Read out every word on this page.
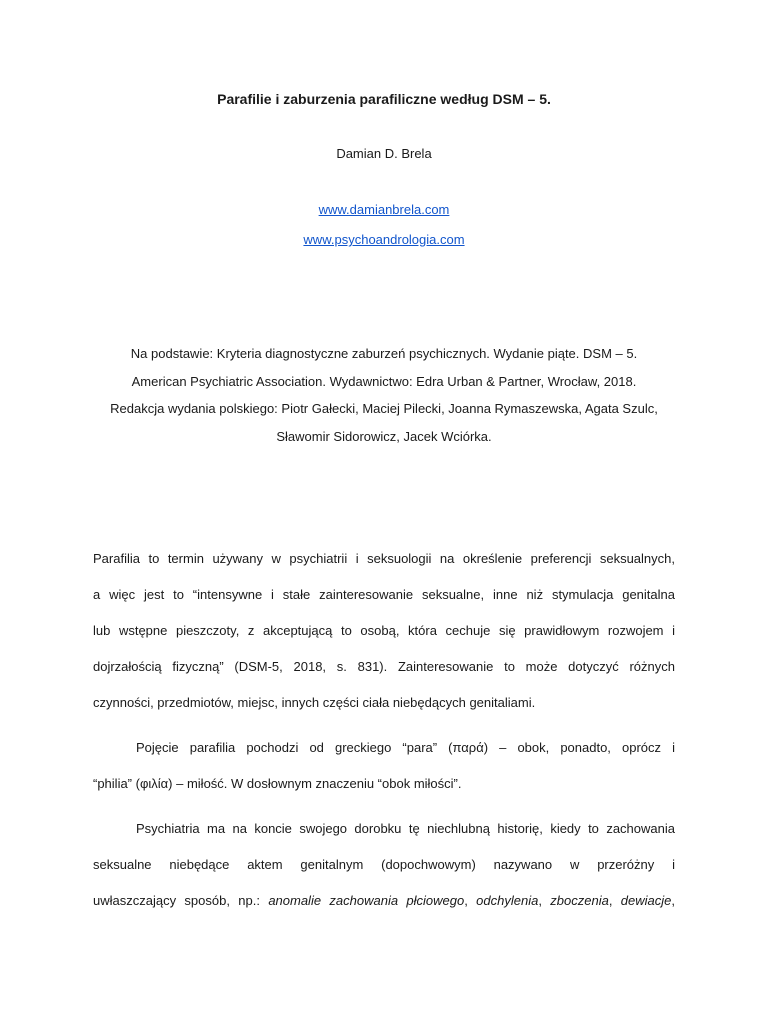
Parafilie i zaburzenia parafiliczne według DSM – 5.
Damian D. Brela
www.damianbrela.com
www.psychoandrologia.com
Na podstawie: Kryteria diagnostyczne zaburzeń psychicznych. Wydanie piąte. DSM – 5.
American Psychiatric Association. Wydawnictwo: Edra Urban & Partner, Wrocław, 2018.
Redakcja wydania polskiego: Piotr Gałecki, Maciej Pilecki, Joanna Rymaszewska, Agata Szulc,
Sławomir Sidorowicz, Jacek Wciórka.
Parafilia to termin używany w psychiatrii i seksuologii na określenie preferencji seksualnych,
a więc jest to “intensywne i stałe zainteresowanie seksualne, inne niż stymulacja genitalna
lub wstępne pieszczoty, z akceptującą to osobą, która cechuje się prawidłowym rozwojem i
dojrzałością fizyczną” (DSM-5, 2018, s. 831). Zainteresowanie to może dotyczyć różnych
czynności, przedmiotów, miejsc, innych części ciała niebędących genitaliami.
Pojęcie parafilia pochodzi od greckiego “para” (παρά) – obok, ponadto, oprócz i
“philia” (φιλία) – miłość. W dosłownym znaczeniu “obok miłości”.
Psychiatria ma na koncie swojego dorobku tę niechlubną historię, kiedy to zachowania
seksualne niebędące aktem genitalnym (dopochwowym) nazywano w przeróżny i
uwłaszczający sposób, np.: anomalie zachowania płciowego, odchylenia, zboczenia, dewiacje,
